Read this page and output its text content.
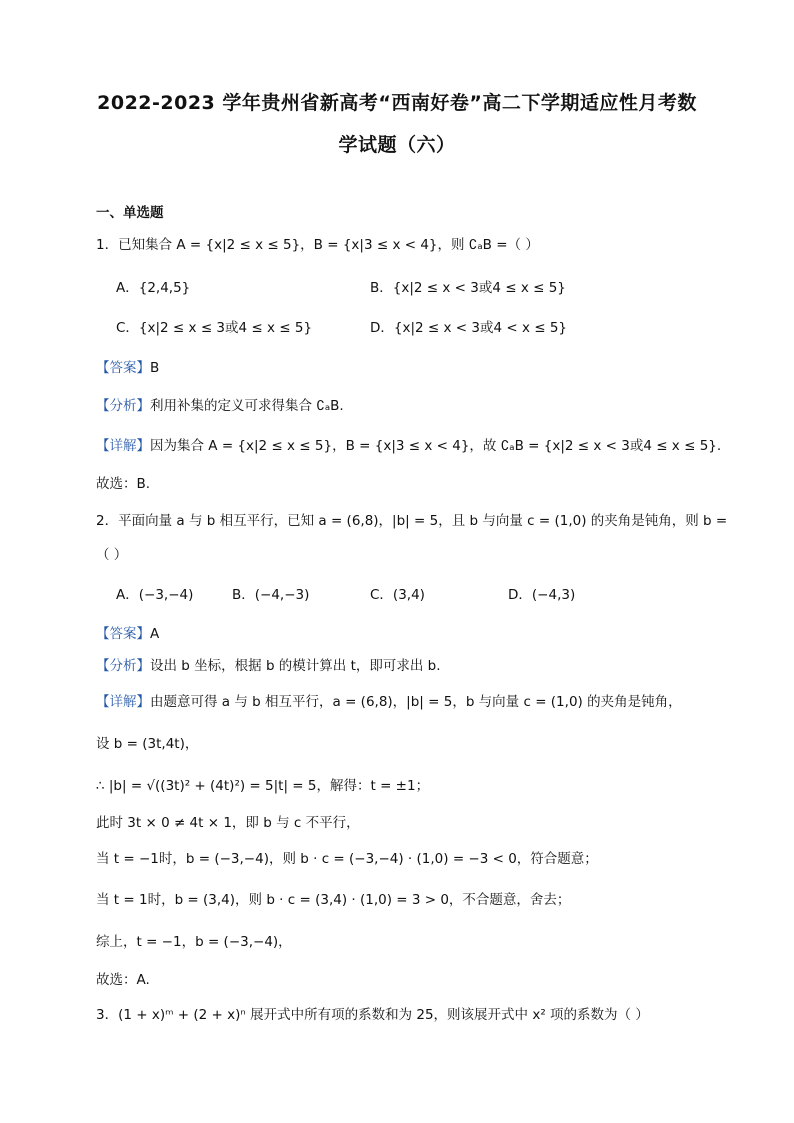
2022-2023 学年贵州省新高考“西南好卷”高二下学期适应性月考数
学试题（六）
一、单选题
1．已知集合 A = {x|2 ≤ x ≤ 5}，B = {x|3 ≤ x < 4}，则 ∁ₐB =（ ）
A．{2,4,5}	B．{x|2 ≤ x < 3或4 ≤ x ≤ 5}
C．{x|2 ≤ x ≤ 3或4 ≤ x ≤ 5}	D．{x|2 ≤ x < 3或4 < x ≤ 5}
【答案】B
【分析】利用补集的定义可求得集合 ∁ₐB.
【详解】因为集合 A = {x|2 ≤ x ≤ 5}，B = {x|3 ≤ x < 4}，故 ∁ₐB = {x|2 ≤ x < 3或4 ≤ x ≤ 5}.
故选：B.
2．平面向量 a 与 b 相互平行，已知 a = (6,8)，|b| = 5，且 b 与向量 c = (1,0) 的夹角是钝角，则 b =
（ ）
A．(−3,−4)	B．(−4,−3)	C．(3,4)	D．(−4,3)
【答案】A
【分析】设出 b 坐标，根据 b 的模计算出 t，即可求出 b.
【详解】由题意可得 a 与 b 相互平行，a = (6,8)，|b| = 5，b 与向量 c = (1,0) 的夹角是钝角，
设 b = (3t,4t)，
∴ |b| = √((3t)² + (4t)²) = 5|t| = 5，解得：t = ±1；
此时 3t × 0 ≠ 4t × 1，即 b 与 c 不平行，
当 t = −1时，b = (−3,−4)，则 b · c = (−3,−4) · (1,0) = −3 < 0，符合题意；
当 t = 1时，b = (3,4)，则 b · c = (3,4) · (1,0) = 3 > 0，不合题意，舍去；
综上，t = −1，b = (−3,−4)，
故选：A.
3．(1 + x)ᵐ + (2 + x)ⁿ 展开式中所有项的系数和为 25，则该展开式中 x² 项的系数为（ ）
